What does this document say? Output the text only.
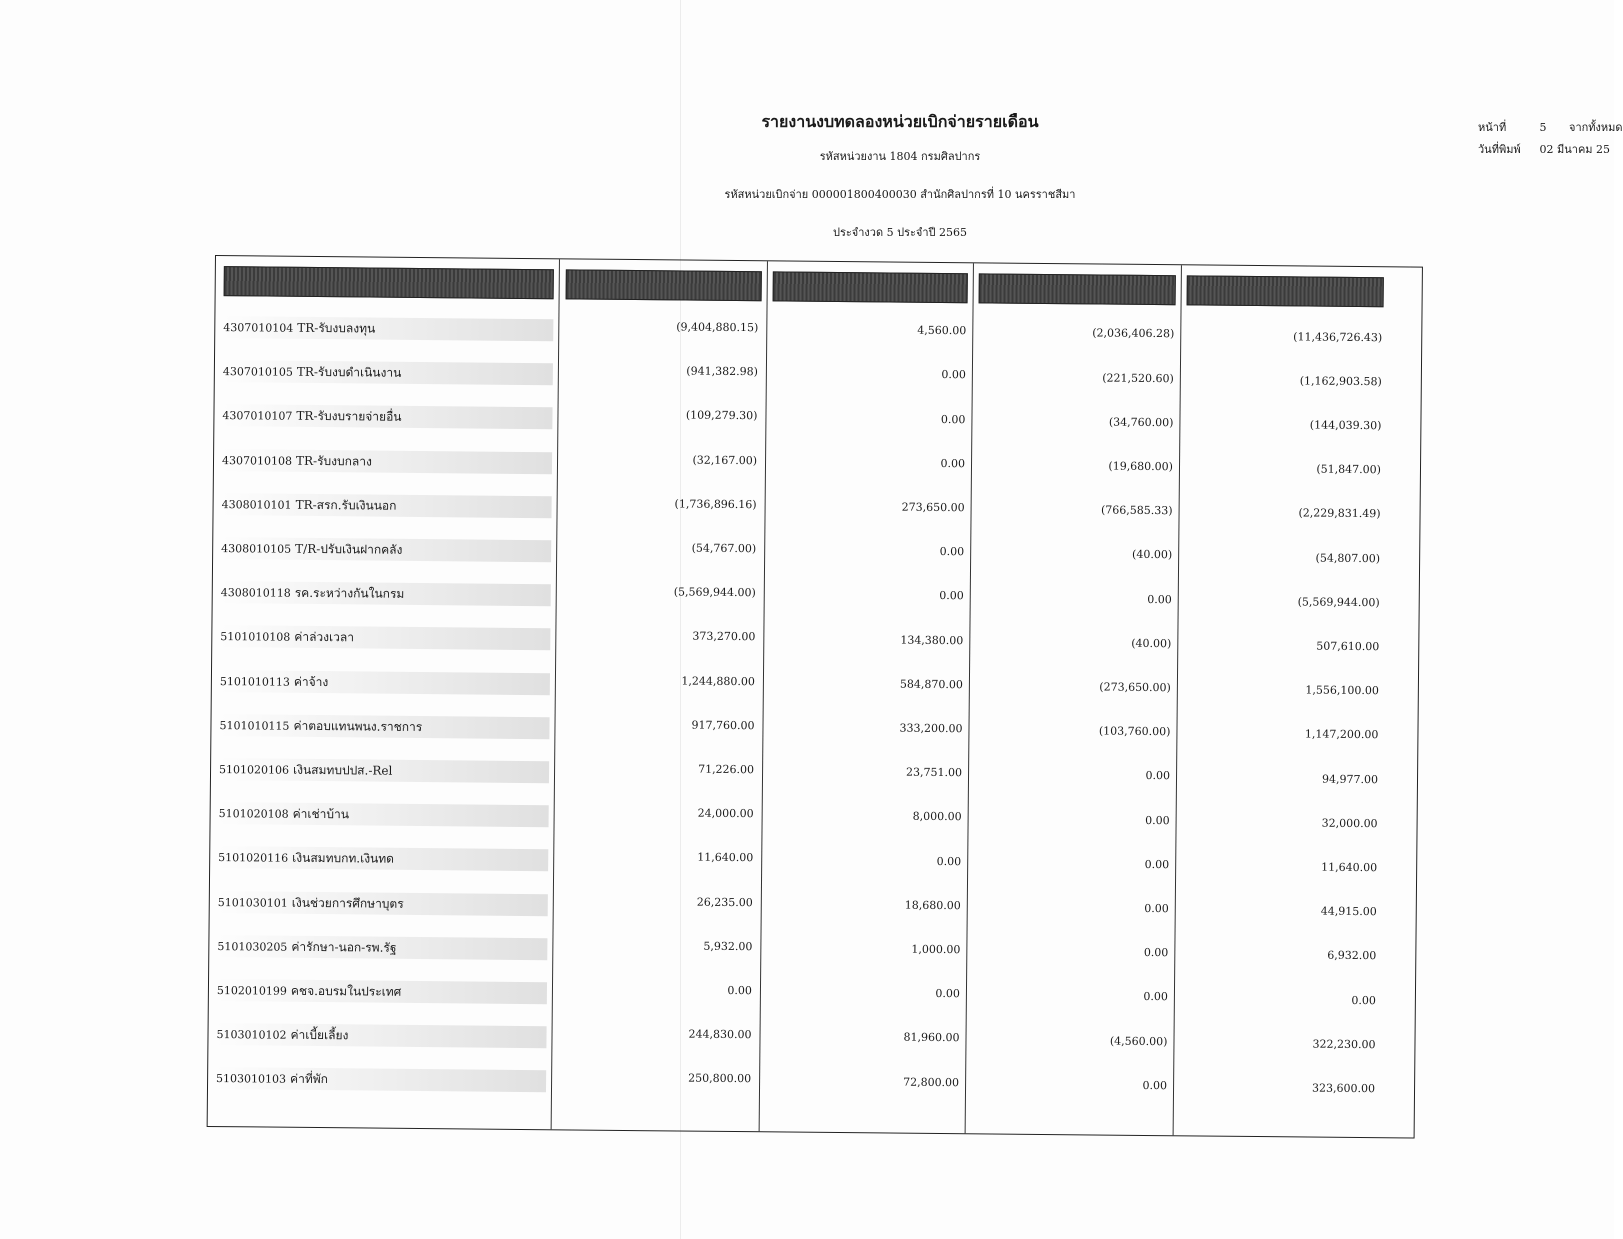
รายงานงบทดลองหน่วยเบิกจ่ายรายเดือน
รหัสหน่วยงาน 1804 กรมศิลปากร
รหัสหน่วยเบิกจ่าย 000001800400030 สำนักศิลปากรที่ 10 นครราชสีมา
ประจำงวด 5 ประจำปี 2565
หน้าที่	5 จากทั้งหมด
วันที่พิมพ์ 02 มีนาคม 25
4307010104 TR-รับงบลงทุน	(9,404,880.15)	4,560.00	(2,036,406.28)	(11,436,726.43)
4307010105 TR-รับงบดำเนินงาน	(941,382.98)	0.00	(221,520.60)	(1,162,903.58)
4307010107 TR-รับงบรายจ่ายอื่น	(109,279.30)	0.00	(34,760.00)	(144,039.30)
4307010108 TR-รับงบกลาง	(32,167.00)	0.00	(19,680.00)	(51,847.00)
4308010101 TR-สรก.รับเงินนอก	(1,736,896.16)	273,650.00	(766,585.33)	(2,229,831.49)
4308010105 T/R-ปรับเงินฝากคลัง	(54,767.00)	0.00	(40.00)	(54,807.00)
4308010118 รค.ระหว่างกันในกรม	(5,569,944.00)	0.00	0.00	(5,569,944.00)
5101010108 ค่าล่วงเวลา	373,270.00	134,380.00	(40.00)	507,610.00
5101010113 ค่าจ้าง	1,244,880.00	584,870.00	(273,650.00)	1,556,100.00
5101010115 ค่าตอบแทนพนง.ราชการ	917,760.00	333,200.00	(103,760.00)	1,147,200.00
5101020106 เงินสมทบปปส.-Rel	71,226.00	23,751.00	0.00	94,977.00
5101020108 ค่าเช่าบ้าน	24,000.00	8,000.00	0.00	32,000.00
5101020116 เงินสมทบกท.เงินทด	11,640.00	0.00	0.00	11,640.00
5101030101 เงินช่วยการศึกษาบุตร	26,235.00	18,680.00	0.00	44,915.00
5101030205 ค่ารักษา-นอก-รพ.รัฐ	5,932.00	1,000.00	0.00	6,932.00
5102010199 คชจ.อบรมในประเทศ	0.00	0.00	0.00	0.00
5103010102 ค่าเบี้ยเลี้ยง	244,830.00	81,960.00	(4,560.00)	322,230.00
5103010103 ค่าที่พัก	250,800.00	72,800.00	0.00	323,600.00
